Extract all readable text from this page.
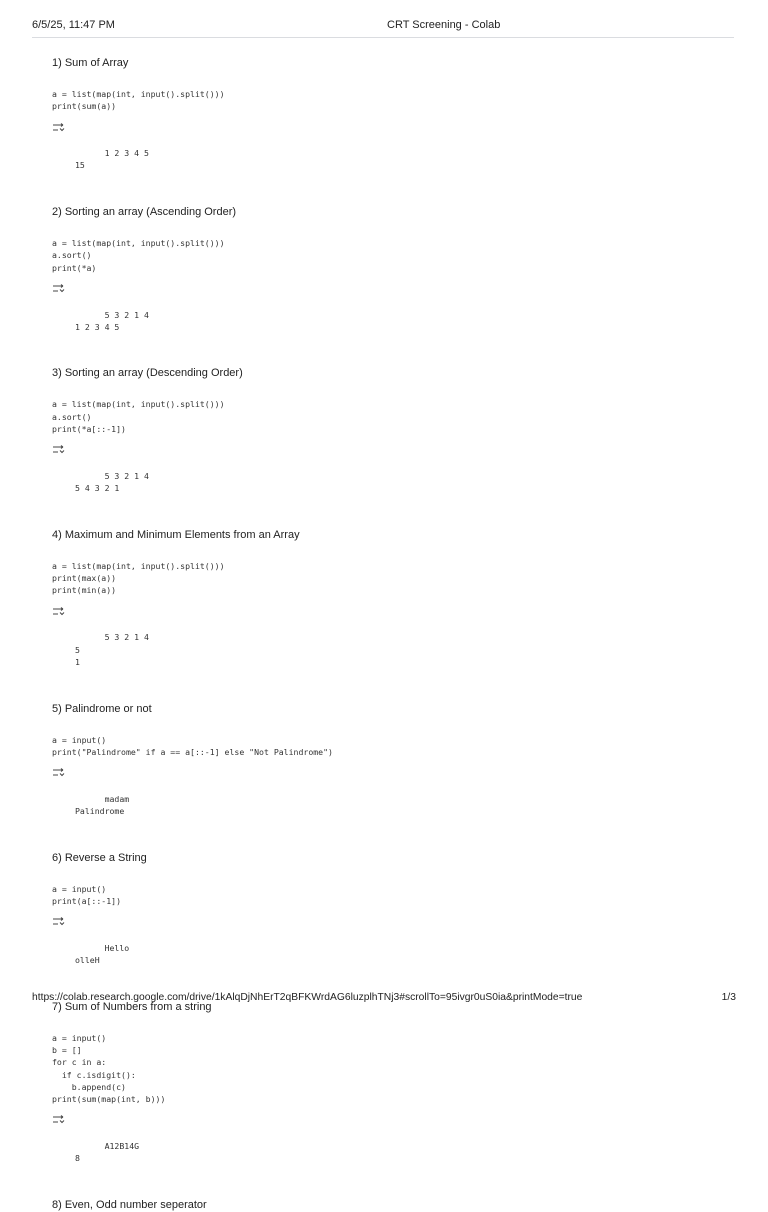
6/5/25, 11:47 PM	CRT Screening - Colab
1) Sum of Array
a = list(map(int, input().split()))
print(sum(a))

1 2 3 4 5
15

2) Sorting an array (Ascending Order)
a = list(map(int, input().split()))
a.sort()
print(*a)

5 3 2 1 4
1 2 3 4 5

3) Sorting an array (Descending Order)
a = list(map(int, input().split()))
a.sort()
print(*a[::-1])

5 3 2 1 4
5 4 3 2 1

4) Maximum and Minimum Elements from an Array
a = list(map(int, input().split()))
print(max(a))
print(min(a))

5 3 2 1 4
5
1

5) Palindrome or not
a = input()
print("Palindrome" if a == a[::-1] else "Not Palindrome")

madam
Palindrome

6) Reverse a String
a = input()
print(a[::-1])

Hello
olleH

7) Sum of Numbers from a string
a = input()
b = []
for c in a:
if c.isdigit():
b.append(c)
print(sum(map(int, b)))

A12B14G
8

8) Even, Odd number seperator
https://colab.research.google.com/drive/1kAlqDjNhErT2qBFKWrdAG6luzplhTNj3#scrollTo=95ivgr0uS0ia&printMode=true	1/3
